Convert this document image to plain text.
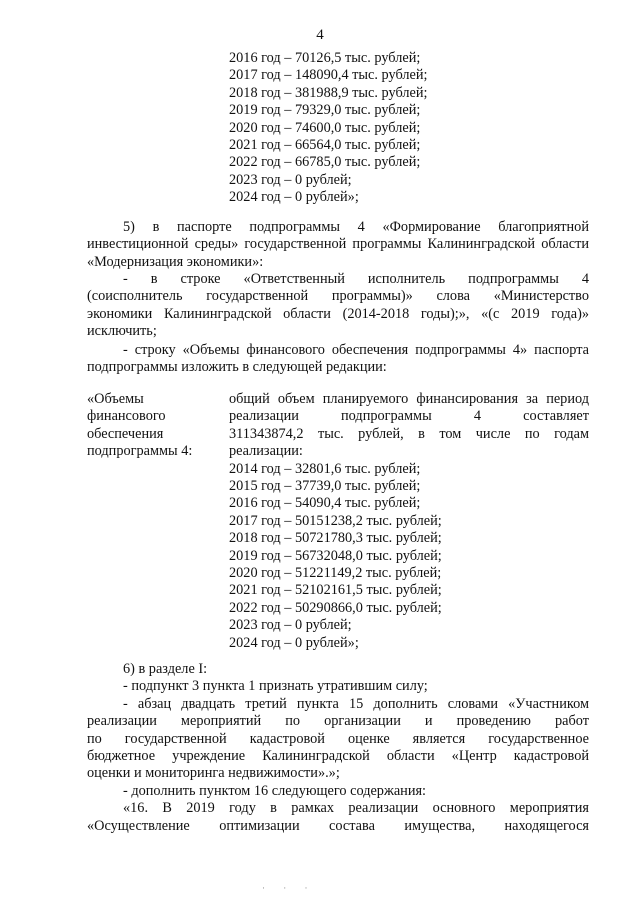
4
2016 год – 70126,5 тыс. рублей;
2017 год – 148090,4 тыс. рублей;
2018 год – 381988,9 тыс. рублей;
2019 год – 79329,0 тыс. рублей;
2020 год – 74600,0 тыс. рублей;
2021 год – 66564,0 тыс. рублей;
2022 год – 66785,0 тыс. рублей;
2023 год – 0 рублей;
2024 год – 0 рублей»;
5) в паспорте подпрограммы 4 «Формирование благоприятной
инвестиционной среды» государственной программы Калининградской области
«Модернизация экономики»:
- в строке «Ответственный исполнитель подпрограммы 4
(соисполнитель государственной программы)» слова «Министерство
экономики Калининградской области (2014-2018 годы);», «(с 2019 года)»
исключить;
- строку «Объемы финансового обеспечения подпрограммы 4» паспорта
подпрограммы изложить в следующей редакции:
«Объемы
финансового
обеспечения
подпрограммы 4:
общий объем планируемого финансирования за период
реализации подпрограммы 4 составляет
311343874,2 тыс. рублей, в том числе по годам
реализации:
2014 год – 32801,6 тыс. рублей;
2015 год – 37739,0 тыс. рублей;
2016 год – 54090,4 тыс. рублей;
2017 год – 50151238,2 тыс. рублей;
2018 год – 50721780,3 тыс. рублей;
2019 год – 56732048,0 тыс. рублей;
2020 год – 51221149,2 тыс. рублей;
2021 год – 52102161,5 тыс. рублей;
2022 год – 50290866,0 тыс. рублей;
2023 год – 0 рублей;
2024 год – 0 рублей»;
6) в разделе I:
- подпункт 3 пункта 1 признать утратившим силу;
- абзац двадцать третий пункта 15 дополнить словами «Участником
реализации мероприятий по организации и проведению работ
по государственной кадастровой оценке является государственное
бюджетное учреждение Калининградской области «Центр кадастровой
оценки и мониторинга недвижимости».»;
- дополнить пунктом 16 следующего содержания:
«16. В 2019 году в рамках реализации основного мероприятия
«Осуществление оптимизации состава имущества, находящегося
· · ·
